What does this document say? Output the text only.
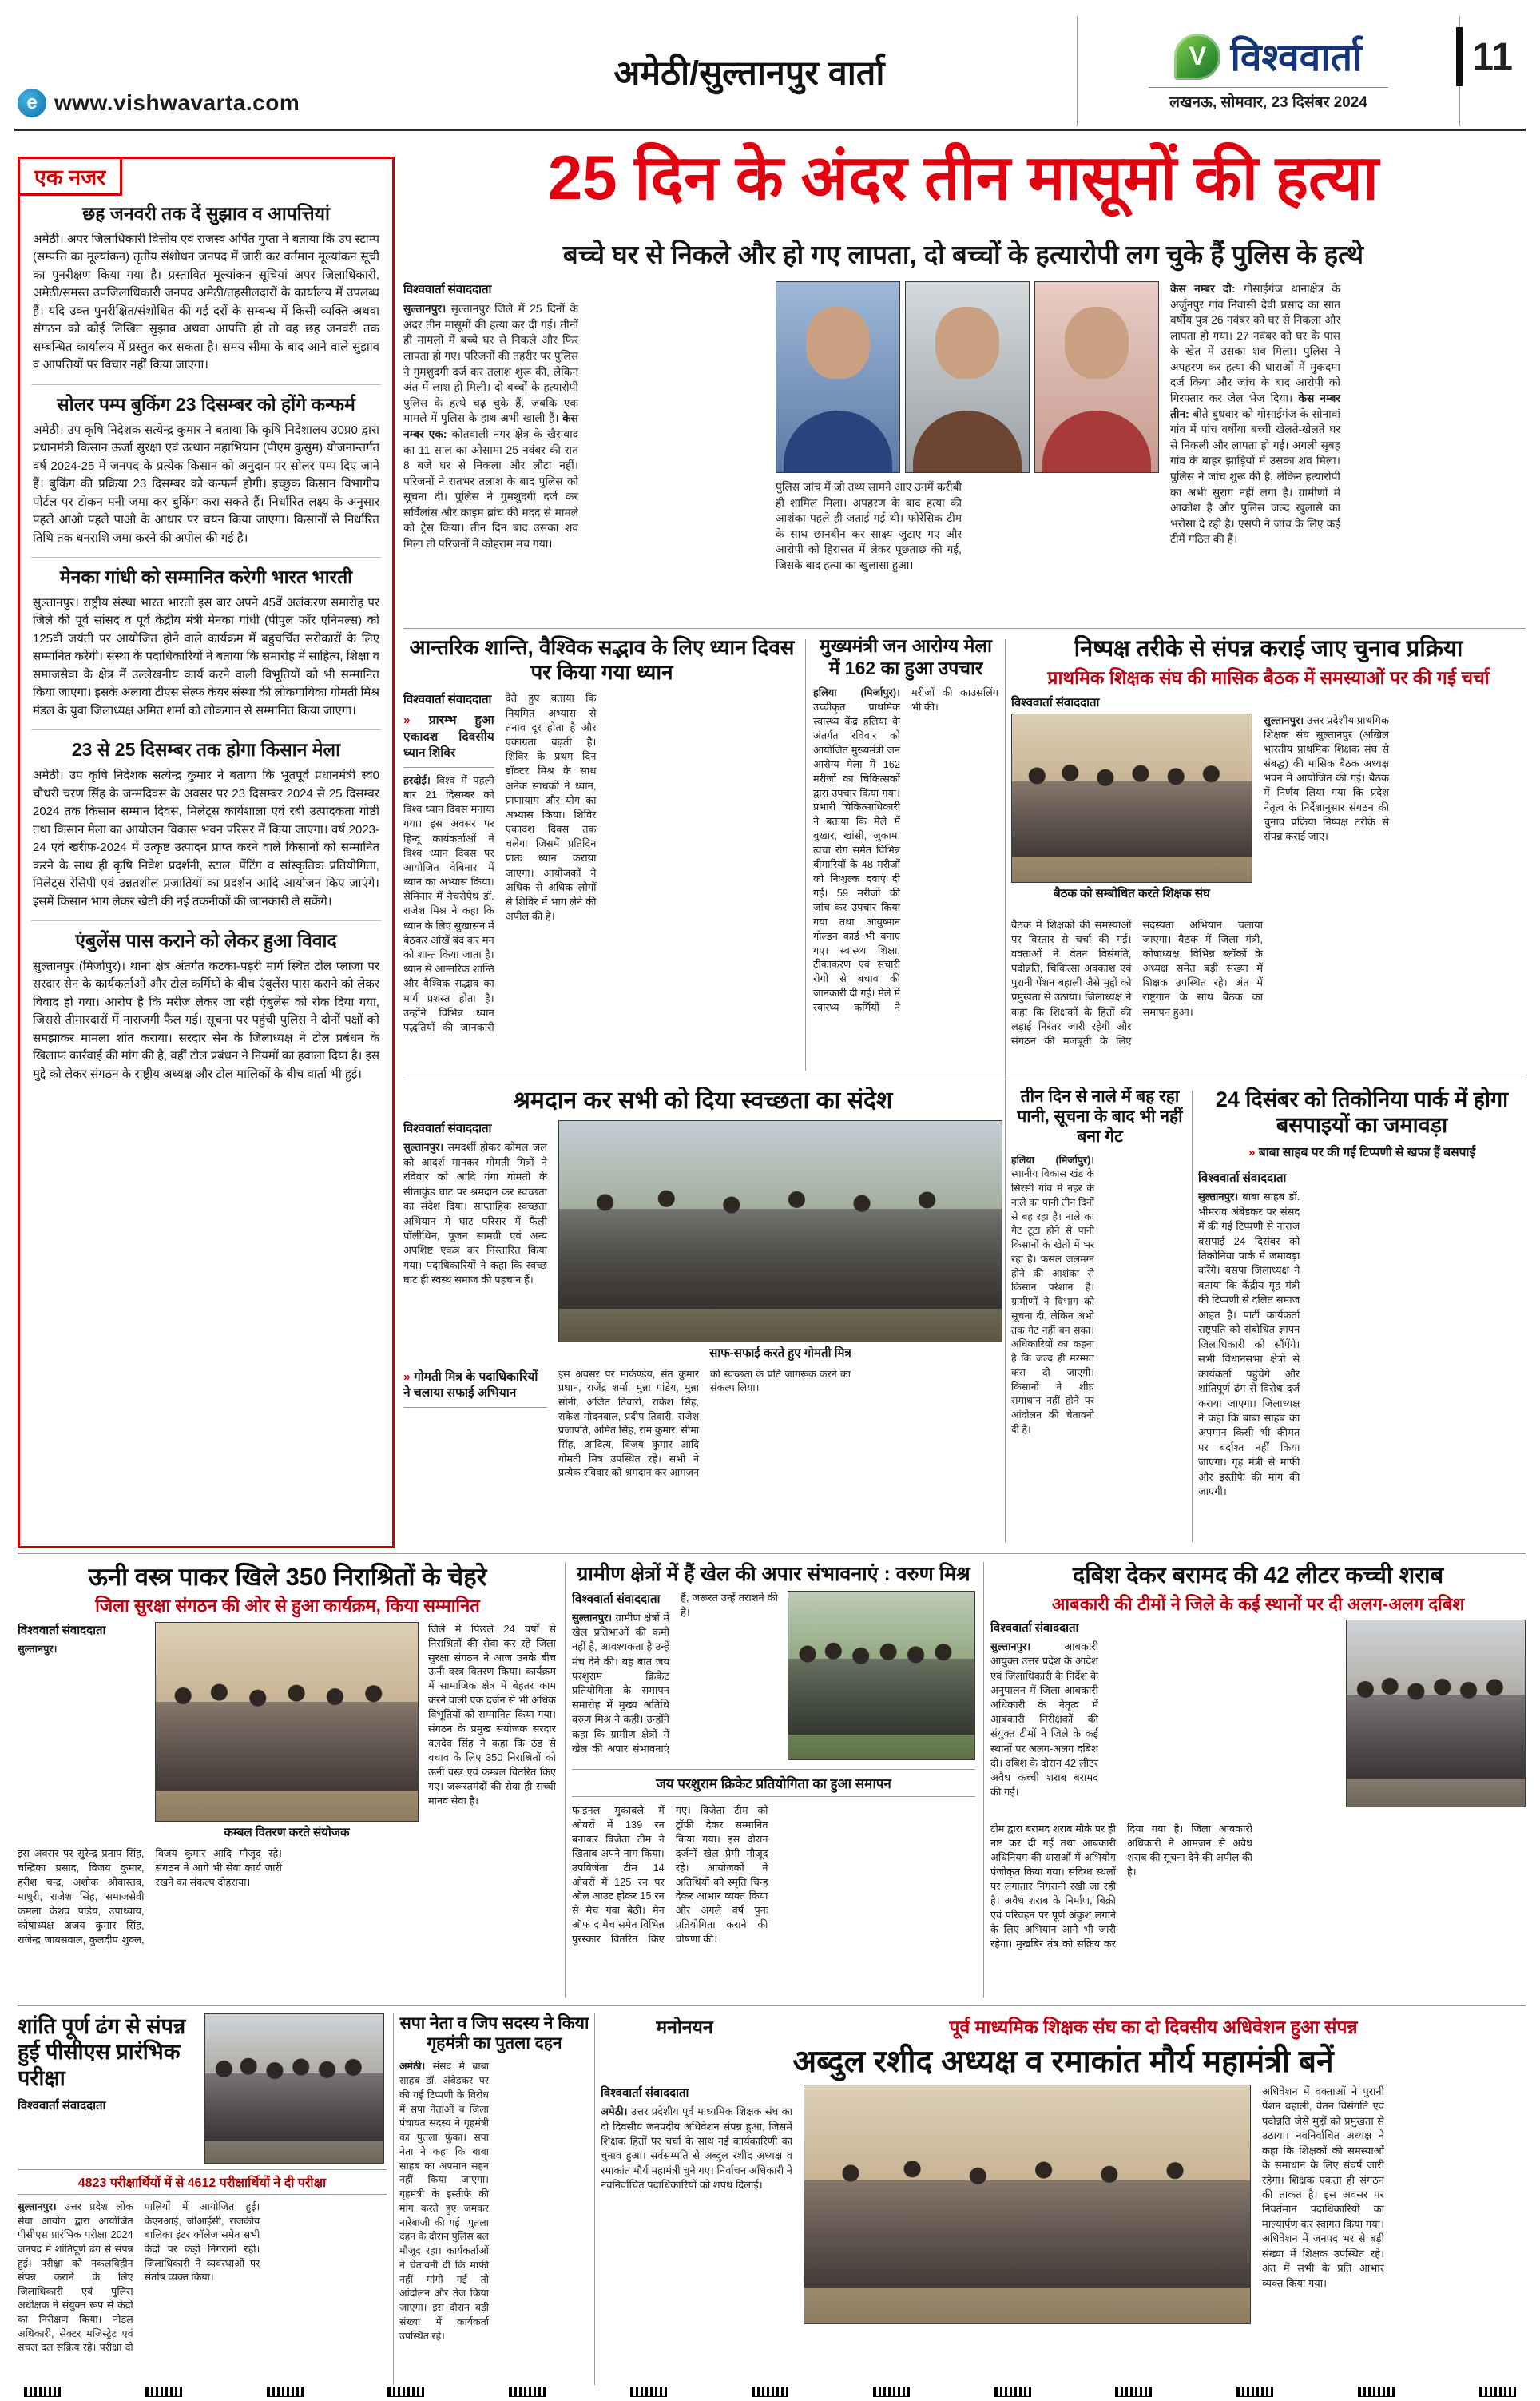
e www.vishwavarta.com
अमेठी/सुल्तानपुर वार्ता	V विश्ववार्ता
लखनऊ, सोमवार, 23 दिसंबर 2024
11
एक नजर
छह जनवरी तक दें सुझाव व आपत्तियां
अमेठी। अपर जिलाधिकारी वित्तीय एवं राजस्व अर्पित गुप्ता ने बताया कि उप स्टाम्प (सम्पत्ति का मूल्यांकन) तृतीय संशोधन जनपद में जारी कर वर्तमान मूल्यांकन सूची का पुनरीक्षण किया गया है। प्रस्तावित मूल्यांकन सूचियां अपर जिलाधिकारी, अमेठी/समस्त उपजिलाधिकारी जनपद अमेठी/तहसीलदारों के कार्यालय में उपलब्ध हैं। यदि उक्त पुनरीक्षित/संशोधित की गई दरों के सम्बन्ध में किसी व्यक्ति अथवा संगठन को कोई लिखित सुझाव अथवा आपत्ति हो तो वह छह जनवरी तक सम्बन्धित कार्यालय में प्रस्तुत कर सकता है। समय सीमा के बाद आने वाले सुझाव व आपत्तियों पर विचार नहीं किया जाएगा।
सोलर पम्प बुकिंग 23 दिसम्बर को होंगे कन्फर्म
अमेठी। उप कृषि निदेशक सत्येन्द्र कुमार ने बताया कि कृषि निदेशालय उ0प्र0 द्वारा प्रधानमंत्री किसान ऊर्जा सुरक्षा एवं उत्थान महाभियान (पीएम कुसुम) योजनान्तर्गत वर्ष 2024-25 में जनपद के प्रत्येक किसान को अनुदान पर सोलर पम्प दिए जाने हैं। बुकिंग की प्रक्रिया 23 दिसम्बर को कन्फर्म होगी। इच्छुक किसान विभागीय पोर्टल पर टोकन मनी जमा कर बुकिंग करा सकते हैं। निर्धारित लक्ष्य के अनुसार पहले आओ पहले पाओ के आधार पर चयन किया जाएगा। किसानों से निर्धारित तिथि तक धनराशि जमा करने की अपील की गई है।
मेनका गांधी को सम्मानित करेगी भारत भारती
सुल्तानपुर। राष्ट्रीय संस्था भारत भारती इस बार अपने 45वें अलंकरण समारोह पर जिले की पूर्व सांसद व पूर्व केंद्रीय मंत्री मेनका गांधी (पीपुल फॉर एनिमल्स) को 125वीं जयंती पर आयोजित होने वाले कार्यक्रम में बहुचर्चित सरोकारों के लिए सम्मानित करेगी। संस्था के पदाधिकारियों ने बताया कि समारोह में साहित्य, शिक्षा व समाजसेवा के क्षेत्र में उल्लेखनीय कार्य करने वाली विभूतियों को भी सम्मानित किया जाएगा। इसके अलावा टीएस सेल्फ केयर संस्था की लोकगायिका गोमती मिश्र मंडल के युवा जिलाध्यक्ष अमित शर्मा को लोकगान से सम्मानित किया जाएगा।
23 से 25 दिसम्बर तक होगा किसान मेला
अमेठी। उप कृषि निदेशक सत्येन्द्र कुमार ने बताया कि भूतपूर्व प्रधानमंत्री स्व0 चौधरी चरण सिंह के जन्मदिवस के अवसर पर 23 दिसम्बर 2024 से 25 दिसम्बर 2024 तक किसान सम्मान दिवस, मिलेट्स कार्यशाला एवं रबी उत्पादकता गोष्ठी तथा किसान मेला का आयोजन विकास भवन परिसर में किया जाएगा। वर्ष 2023-24 एवं खरीफ-2024 में उत्कृष्ट उत्पादन प्राप्त करने वाले किसानों को सम्मानित करने के साथ ही कृषि निवेश प्रदर्शनी, स्टाल, पेंटिंग व सांस्कृतिक प्रतियोगिता, मिलेट्स रेसिपी एवं उन्नतशील प्रजातियों का प्रदर्शन आदि आयोजन किए जाएंगे। इसमें किसान भाग लेकर खेती की नई तकनीकों की जानकारी ले सकेंगे।
एंबुलेंस पास कराने को लेकर हुआ विवाद
सुल्तानपुर (मिर्जापुर)। थाना क्षेत्र अंतर्गत कटका-पड़री मार्ग स्थित टोल प्लाजा पर सरदार सेन के कार्यकर्ताओं और टोल कर्मियों के बीच एंबुलेंस पास कराने को लेकर विवाद हो गया। आरोप है कि मरीज लेकर जा रही एंबुलेंस को रोक दिया गया, जिससे तीमारदारों में नाराजगी फैल गई। सूचना पर पहुंची पुलिस ने दोनों पक्षों को समझाकर मामला शांत कराया। सरदार सेन के जिलाध्यक्ष ने टोल प्रबंधन के खिलाफ कार्रवाई की मांग की है, वहीं टोल प्रबंधन ने नियमों का हवाला दिया है। इस मुद्दे को लेकर संगठन के राष्ट्रीय अध्यक्ष और टोल मालिकों के बीच वार्ता भी हुई।
25 दिन के अंदर तीन मासूमों की हत्या
बच्चे घर से निकले और हो गए लापता, दो बच्चों के हत्यारोपी लग चुके हैं पुलिस के हत्थे
विश्ववार्ता संवाददाता
सुल्तानपुर। सुल्तानपुर जिले में 25 दिनों के अंदर तीन मासूमों की हत्या कर दी गई। तीनों ही मामलों में बच्चे घर से निकले और फिर लापता हो गए। परिजनों की तहरीर पर पुलिस ने गुमशुदगी दर्ज कर तलाश शुरू की, लेकिन अंत में लाश ही मिली। दो बच्चों के हत्यारोपी पुलिस के हत्थे चढ़ चुके हैं, जबकि एक मामले में पुलिस के हाथ अभी खाली हैं। केस नम्बर एक: कोतवाली नगर क्षेत्र के खैराबाद का 11 साल का ओसामा 25 नवंबर की रात 8 बजे घर से निकला और लौटा नहीं। परिजनों ने रातभर तलाश के बाद पुलिस को सूचना दी। पुलिस ने गुमशुदगी दर्ज कर सर्विलांस और क्राइम ब्रांच की मदद से मामले को ट्रेस किया। तीन दिन बाद उसका शव मिला तो परिजनों में कोहराम मच गया।
पुलिस जांच में जो तथ्य सामने आए उनमें करीबी ही शामिल मिला। अपहरण के बाद हत्या की आशंका पहले ही जताई गई थी। फोरेंसिक टीम के साथ छानबीन कर साक्ष्य जुटाए गए और आरोपी को हिरासत में लेकर पूछताछ की गई, जिसके बाद हत्या का खुलासा हुआ।
केस नम्बर दो: गोसाईगंज थानाक्षेत्र के अर्जुनपुर गांव निवासी देवी प्रसाद का सात वर्षीय पुत्र 26 नवंबर को घर से निकला और लापता हो गया। 27 नवंबर को घर के पास के खेत में उसका शव मिला। पुलिस ने अपहरण कर हत्या की धाराओं में मुकदमा दर्ज किया और जांच के बाद आरोपी को गिरफ्तार कर जेल भेज दिया। केस नम्बर तीन: बीते बुधवार को गोसाईगंज के सोनावां गांव में पांच वर्षीया बच्ची खेलते-खेलते घर से निकली और लापता हो गई। अगली सुबह गांव के बाहर झाड़ियों में उसका शव मिला। पुलिस ने जांच शुरू की है, लेकिन हत्यारोपी का अभी सुराग नहीं लगा है। ग्रामीणों में आक्रोश है और पुलिस जल्द खुलासे का भरोसा दे रही है। एसपी ने जांच के लिए कई टीमें गठित की हैं।
आन्तरिक शान्ति, वैश्विक सद्भाव के लिए ध्यान दिवस पर किया गया ध्यान
विश्ववार्ता संवाददाता
» प्रारम्भ हुआ एकादश दिवसीय ध्यान शिविर
हरदोई। विश्व में पहली बार 21 दिसम्बर को विश्व ध्यान दिवस मनाया गया। इस अवसर पर हिन्दू कार्यकर्ताओं ने विश्व ध्यान दिवस पर आयोजित वेबिनार में ध्यान का अभ्यास किया। सेमिनार में नेचरोपैथ डॉ. राजेश मिश्र ने कहा कि ध्यान के लिए सुखासन में बैठकर आंखें बंद कर मन को शान्त किया जाता है। ध्यान से आन्तरिक शान्ति और वैश्विक सद्भाव का मार्ग प्रशस्त होता है। उन्होंने विभिन्न ध्यान पद्धतियों की जानकारी देते हुए बताया कि नियमित अभ्यास से तनाव दूर होता है और एकाग्रता बढ़ती है। शिविर के प्रथम दिन डॉक्टर मिश्र के साथ अनेक साधकों ने ध्यान, प्राणायाम और योग का अभ्यास किया। शिविर एकादश दिवस तक चलेगा जिसमें प्रतिदिन प्रातः ध्यान कराया जाएगा। आयोजकों ने अधिक से अधिक लोगों से शिविर में भाग लेने की अपील की है।
मुख्यमंत्री जन आरोग्य मेला में 162 का हुआ उपचार
हलिया (मिर्जापुर)। उच्चीकृत प्राथमिक स्वास्थ्य केंद्र हलिया के अंतर्गत रविवार को आयोजित मुख्यमंत्री जन आरोग्य मेला में 162 मरीजों का चिकित्सकों द्वारा उपचार किया गया। प्रभारी चिकित्साधिकारी ने बताया कि मेले में बुखार, खांसी, जुकाम, त्वचा रोग समेत विभिन्न बीमारियों के 48 मरीजों को निःशुल्क दवाएं दी गईं। 59 मरीजों की जांच कर उपचार किया गया तथा आयुष्मान गोल्डन कार्ड भी बनाए गए। स्वास्थ्य शिक्षा, टीकाकरण एवं संचारी रोगों से बचाव की जानकारी दी गई। मेले में स्वास्थ्य कर्मियों ने मरीजों की काउंसलिंग भी की।
निष्पक्ष तरीके से संपन्न कराई जाए चुनाव प्रक्रिया
प्राथमिक शिक्षक संघ की मासिक बैठक में समस्याओं पर की गई चर्चा
विश्ववार्ता संवाददाता
बैठक को सम्बोधित करते शिक्षक संघ
सुल्तानपुर। उत्तर प्रदेशीय प्राथमिक शिक्षक संघ सुल्तानपुर (अखिल भारतीय प्राथमिक शिक्षक संघ से संबद्ध) की मासिक बैठक अध्यक्ष भवन में आयोजित की गई। बैठक में निर्णय लिया गया कि प्रदेश नेतृत्व के निर्देशानुसार संगठन की चुनाव प्रक्रिया निष्पक्ष तरीके से संपन्न कराई जाए।
बैठक में शिक्षकों की समस्याओं पर विस्तार से चर्चा की गई। वक्ताओं ने वेतन विसंगति, पदोन्नति, चिकित्सा अवकाश एवं पुरानी पेंशन बहाली जैसे मुद्दों को प्रमुखता से उठाया। जिलाध्यक्ष ने कहा कि शिक्षकों के हितों की लड़ाई निरंतर जारी रहेगी और संगठन की मजबूती के लिए सदस्यता अभियान चलाया जाएगा। बैठक में जिला मंत्री, कोषाध्यक्ष, विभिन्न ब्लॉकों के अध्यक्ष समेत बड़ी संख्या में शिक्षक उपस्थित रहे। अंत में राष्ट्रगान के साथ बैठक का समापन हुआ।
श्रमदान कर सभी को दिया स्वच्छता का संदेश
विश्ववार्ता संवाददाता
सुल्तानपुर। समदर्शी होकर कोमल जल को आदर्श मानकर गोमती मित्रों ने रविवार को आदि गंगा गोमती के सीताकुंड घाट पर श्रमदान कर स्वच्छता का संदेश दिया। साप्ताहिक स्वच्छता अभियान में घाट परिसर में फैली पॉलीथिन, पूजन सामग्री एवं अन्य अपशिष्ट एकत्र कर निस्तारित किया गया। पदाधिकारियों ने कहा कि स्वच्छ घाट ही स्वस्थ समाज की पहचान हैं।
साफ-सफाई करते हुए गोमती मित्र
» गोमती मित्र के पदाधिकारियों ने चलाया सफाई अभियान
इस अवसर पर मार्कण्डेय, संत कुमार प्रधान, राजेंद्र शर्मा, मुन्ना पांडेय, मुन्ना सोनी, अजित तिवारी, राकेश सिंह, राकेश मोदनवाल, प्रदीप तिवारी, राजेश प्रजापति, अमित सिंह, राम कुमार, सीमा सिंह, आदित्य, विजय कुमार आदि गोमती मित्र उपस्थित रहे। सभी ने प्रत्येक रविवार को श्रमदान कर आमजन को स्वच्छता के प्रति जागरूक करने का संकल्प लिया।
तीन दिन से नाले में बह रहा पानी, सूचना के बाद भी नहीं बना गेट
हलिया (मिर्जापुर)। स्थानीय विकास खंड के सिरसी गांव में नहर के नाले का पानी तीन दिनों से बह रहा है। नाले का गेट टूटा होने से पानी किसानों के खेतों में भर रहा है। फसल जलमग्न होने की आशंका से किसान परेशान हैं। ग्रामीणों ने विभाग को सूचना दी, लेकिन अभी तक गेट नहीं बन सका। अधिकारियों का कहना है कि जल्द ही मरम्मत करा दी जाएगी। किसानों ने शीघ्र समाधान नहीं होने पर आंदोलन की चेतावनी दी है।
24 दिसंबर को तिकोनिया पार्क में होगा बसपाइयों का जमावड़ा
» बाबा साहब पर की गई टिप्पणी से खफा हैं बसपाई
विश्ववार्ता संवाददाता
सुल्तानपुर। बाबा साहब डॉ. भीमराव अंबेडकर पर संसद में की गई टिप्पणी से नाराज बसपाई 24 दिसंबर को तिकोनिया पार्क में जमावड़ा करेंगे। बसपा जिलाध्यक्ष ने बताया कि केंद्रीय गृह मंत्री की टिप्पणी से दलित समाज आहत है। पार्टी कार्यकर्ता राष्ट्रपति को संबोधित ज्ञापन जिलाधिकारी को सौंपेंगे। सभी विधानसभा क्षेत्रों से कार्यकर्ता पहुंचेंगे और शांतिपूर्ण ढंग से विरोध दर्ज कराया जाएगा। जिलाध्यक्ष ने कहा कि बाबा साहब का अपमान किसी भी कीमत पर बर्दाश्त नहीं किया जाएगा। गृह मंत्री से माफी और इस्तीफे की मांग की जाएगी।
ऊनी वस्त्र पाकर खिले 350 निराश्रितों के चेहरे
जिला सुरक्षा संगठन की ओर से हुआ कार्यक्रम, किया सम्मानित
विश्ववार्ता संवाददाता
सुल्तानपुर।
कम्बल वितरण करते संयोजक
जिले में पिछले 24 वर्षों से निराश्रितों की सेवा कर रहे जिला सुरक्षा संगठन ने आज उनके बीच ऊनी वस्त्र वितरण किया। कार्यक्रम में सामाजिक क्षेत्र में बेहतर काम करने वाली एक दर्जन से भी अधिक विभूतियों को सम्मानित किया गया। संगठन के प्रमुख संयोजक सरदार बलदेव सिंह ने कहा कि ठंड से बचाव के लिए 350 निराश्रितों को ऊनी वस्त्र एवं कम्बल वितरित किए गए। जरूरतमंदों की सेवा ही सच्ची मानव सेवा है।
इस अवसर पर सुरेन्द्र प्रताप सिंह, चन्द्रिका प्रसाद, विजय कुमार, हरीश चन्द्र, अशोक श्रीवास्तव, माधुरी, राजेश सिंह, समाजसेवी कमला केशव पांडेय, उपाध्याय, कोषाध्यक्ष अजय कुमार सिंह, राजेन्द्र जायसवाल, कुलदीप शुक्ल, विजय कुमार आदि मौजूद रहे। संगठन ने आगे भी सेवा कार्य जारी रखने का संकल्प दोहराया।
ग्रामीण क्षेत्रों में हैं खेल की अपार संभावनाएं : वरुण मिश्र
विश्ववार्ता संवाददाता
सुल्तानपुर। ग्रामीण क्षेत्रों में खेल प्रतिभाओं की कमी नहीं है, आवश्यकता है उन्हें मंच देने की। यह बात जय परशुराम क्रिकेट प्रतियोगिता के समापन समारोह में मुख्य अतिथि वरुण मिश्र ने कही। उन्होंने कहा कि ग्रामीण क्षेत्रों में खेल की अपार संभावनाएं हैं, जरूरत उन्हें तराशने की है।
जय परशुराम क्रिकेट प्रतियोगिता का हुआ समापन
फाइनल मुकाबले में ओवरों में 139 रन बनाकर विजेता टीम ने खिताब अपने नाम किया। उपविजेता टीम 14 ओवरों में 125 रन पर ऑल आउट होकर 15 रन से मैच गंवा बैठी। मैन ऑफ द मैच समेत विभिन्न पुरस्कार वितरित किए गए। विजेता टीम को ट्रॉफी देकर सम्मानित किया गया। इस दौरान दर्जनों खेल प्रेमी मौजूद रहे। आयोजकों ने अतिथियों को स्मृति चिन्ह देकर आभार व्यक्त किया और अगले वर्ष पुनः प्रतियोगिता कराने की घोषणा की।
दबिश देकर बरामद की 42 लीटर कच्ची शराब
आबकारी की टीमों ने जिले के कई स्थानों पर दी अलग-अलग दबिश
विश्ववार्ता संवाददाता
सुल्तानपुर।	आबकारी आयुक्त उत्तर प्रदेश के आदेश एवं जिलाधिकारी के निर्देश के अनुपालन में जिला आबकारी अधिकारी के नेतृत्व में आबकारी निरीक्षकों की संयुक्त टीमों ने जिले के कई स्थानों पर अलग-अलग दबिश दी। दबिश के दौरान 42 लीटर अवैध कच्ची शराब बरामद की गई।
टीम द्वारा बरामद शराब मौके पर ही नष्ट कर दी गई तथा आबकारी अधिनियम की धाराओं में अभियोग पंजीकृत किया गया। संदिग्ध स्थलों पर लगातार निगरानी रखी जा रही है। अवैध शराब के निर्माण, बिक्री एवं परिवहन पर पूर्ण अंकुश लगाने के लिए अभियान आगे भी जारी रहेगा। मुखबिर तंत्र को सक्रिय कर दिया गया है। जिला आबकारी अधिकारी ने आमजन से अवैध शराब की सूचना देने की अपील की है।
शांति पूर्ण ढंग से संपन्न हुई पीसीएस प्रारंभिक परीक्षा
विश्ववार्ता संवाददाता
4823 परीक्षार्थियों में से 4612 परीक्षार्थियों ने दी परीक्षा
सुल्तानपुर। उत्तर प्रदेश लोक सेवा आयोग द्वारा आयोजित पीसीएस प्रारंभिक परीक्षा 2024 जनपद में शांतिपूर्ण ढंग से संपन्न हुई। परीक्षा को नकलविहीन संपन्न कराने के लिए जिलाधिकारी एवं पुलिस अधीक्षक ने संयुक्त रूप से केंद्रों का निरीक्षण किया। नोडल अधिकारी, सेक्टर मजिस्ट्रेट एवं सचल दल सक्रिय रहे। परीक्षा दो पालियों में आयोजित हुई। केएनआई, जीआईसी, राजकीय बालिका इंटर कॉलेज समेत सभी केंद्रों पर कड़ी निगरानी रही। जिलाधिकारी ने व्यवस्थाओं पर संतोष व्यक्त किया।
सपा नेता व जिप सदस्य ने किया गृहमंत्री का पुतला दहन
अमेठी। संसद में बाबा साहब डॉ. अंबेडकर पर की गई टिप्पणी के विरोध में सपा नेताओं व जिला पंचायत सदस्य ने गृहमंत्री का पुतला फूंका। सपा नेता ने कहा कि बाबा साहब का अपमान सहन नहीं किया जाएगा। गृहमंत्री के इस्तीफे की मांग करते हुए जमकर नारेबाजी की गई। पुतला दहन के दौरान पुलिस बल मौजूद रहा। कार्यकर्ताओं ने चेतावनी दी कि माफी नहीं मांगी गई तो आंदोलन और तेज किया जाएगा। इस दौरान बड़ी संख्या में कार्यकर्ता उपस्थित रहे।
मनोनयन	पूर्व माध्यमिक शिक्षक संघ का दो दिवसीय अधिवेशन हुआ संपन्न
अब्दुल रशीद अध्यक्ष व रमाकांत मौर्य महामंत्री बनें
विश्ववार्ता संवाददाता
अमेठी। उत्तर प्रदेशीय पूर्व माध्यमिक शिक्षक संघ का दो दिवसीय जनपदीय अधिवेशन संपन्न हुआ, जिसमें शिक्षक हितों पर चर्चा के साथ नई कार्यकारिणी का चुनाव हुआ। सर्वसम्मति से अब्दुल रशीद अध्यक्ष व रमाकांत मौर्य महामंत्री चुने गए। निर्वाचन अधिकारी ने नवनिर्वाचित पदाधिकारियों को शपथ दिलाई।
अधिवेशन में वक्ताओं ने पुरानी पेंशन बहाली, वेतन विसंगति एवं पदोन्नति जैसे मुद्दों को प्रमुखता से उठाया। नवनिर्वाचित अध्यक्ष ने कहा कि शिक्षकों की समस्याओं के समाधान के लिए संघर्ष जारी रहेगा। शिक्षक एकता ही संगठन की ताकत है। इस अवसर पर निवर्तमान पदाधिकारियों का माल्यार्पण कर स्वागत किया गया। अधिवेशन में जनपद भर से बड़ी संख्या में शिक्षक उपस्थित रहे। अंत में सभी के प्रति आभार व्यक्त किया गया।
